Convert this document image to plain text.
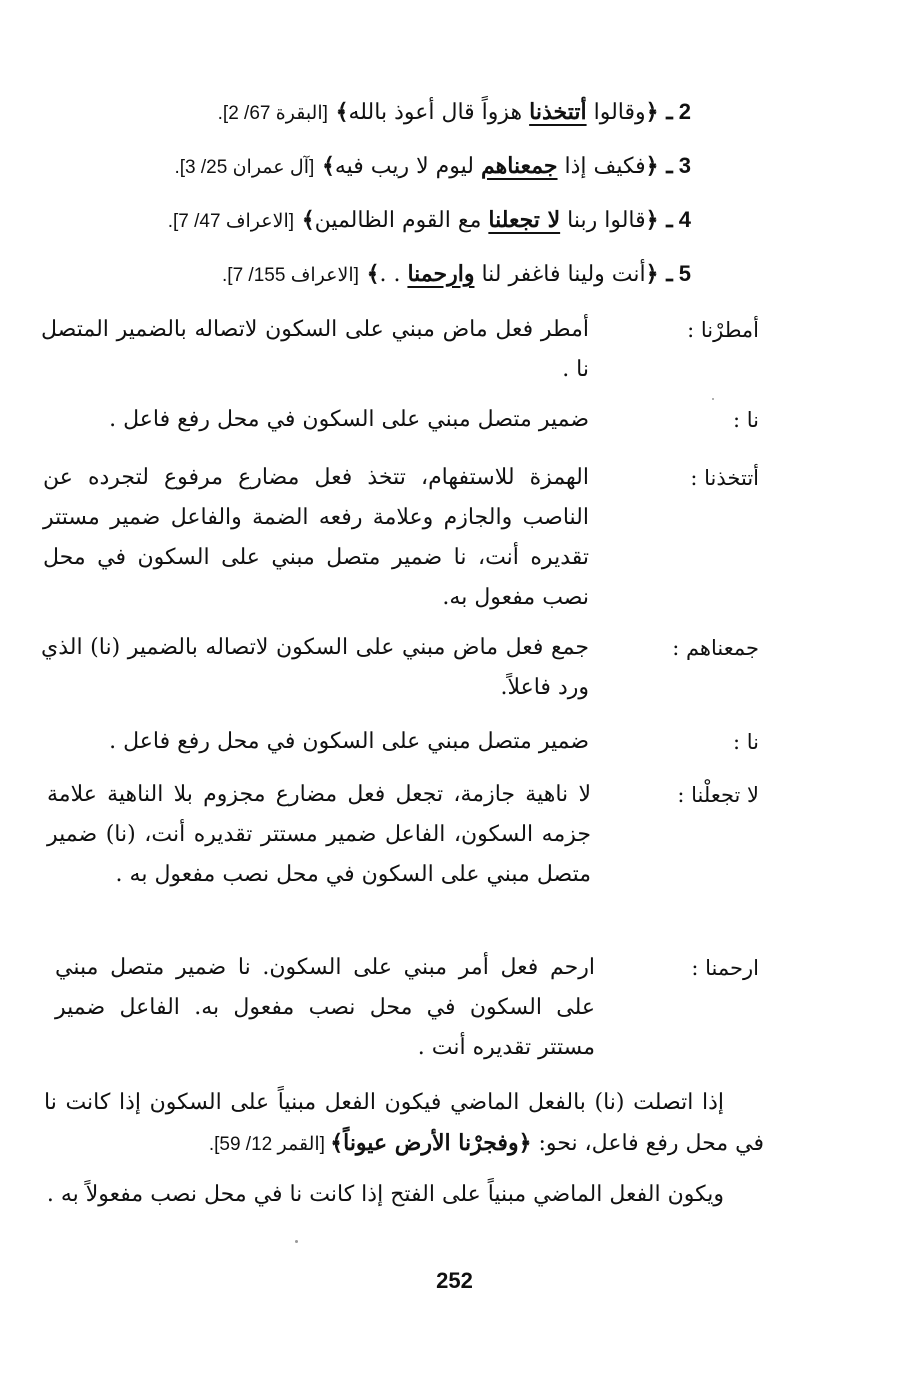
2 ـ ﴿وقالوا أتتخذنا هزواً قال أعوذ بالله﴾ [البقرة 67/ 2].
3 ـ ﴿فكيف إذا جمعناهم ليوم لا ريب فيه﴾ [آل عمران 25/ 3].
4 ـ ﴿قالوا ربنا لا تجعلنا مع القوم الظالمين﴾ [الاعراف 47/ 7].
5 ـ ﴿أنت ولينا فاغفر لنا وارحمنا . .﴾ [الاعراف 155/ 7].
أمطرْنا :
أمطر فعل ماض مبني على السكون لاتصاله بالضمير المتصل نا .
نا :
ضمير متصل مبني على السكون في محل رفع فاعل .
أتتخذنا :
الهمزة للاستفهام، تتخذ فعل مضارع مرفوع لتجرده عن الناصب والجازم وعلامة رفعه الضمة والفاعل ضمير مستتر تقديره أنت، نا ضمير متصل مبني على السكون في محل نصب مفعول به.
جمعناهم :
جمع فعل ماض مبني على السكون لاتصاله بالضمير (نا) الذي ورد فاعلاً.
نا :
ضمير متصل مبني على السكون في محل رفع فاعل .
لا تجعلْنا :
لا ناهية جازمة، تجعل فعل مضارع مجزوم بلا الناهية علامة جزمه السكون، الفاعل ضمير مستتر تقديره أنت، (نا) ضمير متصل مبني على السكون في محل نصب مفعول به .
ارحمنا :
ارحم فعل أمر مبني على السكون. نا ضمير متصل مبني على السكون في محل نصب مفعول به. الفاعل ضمير مستتر تقديره أنت .
إذا اتصلت (نا) بالفعل الماضي فيكون الفعل مبنياً على السكون إذا كانت نا في محل رفع فاعل، نحو: ﴿وفجرْنا الأرض عيوناً﴾ [القمر 12/ 59].
ويكون الفعل الماضي مبنياً على الفتح إذا كانت نا في محل نصب مفعولاً به .
252
